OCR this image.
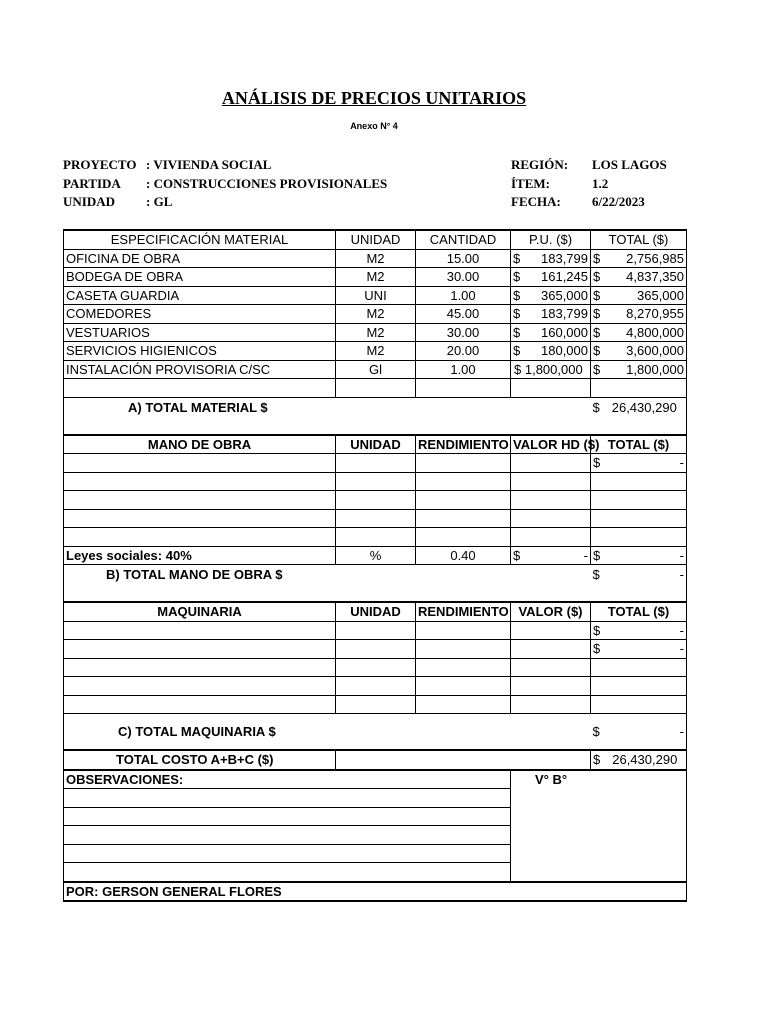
ANÁLISIS DE PRECIOS UNITARIOS
Anexo N° 4
PROYECTO : VIVIENDA SOCIAL
PARTIDA : CONSTRUCCIONES PROVISIONALES
UNIDAD : GL
REGIÓN: LOS LAGOS
ÍTEM:	1.2
FECHA: 6/22/2023
ESPECIFICACIÓN MATERIAL	UNIDAD	CANTIDAD	P.U. ($)	TOTAL ($)
OFICINA DE OBRA	M2	15.00	$ 183,799	$ 2,756,985

BODEGA DE OBRA	M2	30.00	$ 161,245	$ 4,837,350

CASETA GUARDIA	UNI	1.00	$ 365,000	$ 365,000

COMEDORES	M2	45.00	$ 183,799	$ 8,270,955

VESTUARIOS	M2	30.00	$ 160,000	$ 4,800,000

SERVICIOS HIGIENICOS	M2	20.00	$ 180,000	$ 3,600,000

INSTALACIÓN PROVISORIA C/SC	Gl	1.00	$ 1,800,000	$ 1,800,000

A) TOTAL MATERIAL $				$ 26,430,290

MANO DE OBRA	UNIDAD	RENDIMIENTO	VALOR HD ($)	TOTAL ($)

				$ -

Leyes sociales: 40%	%	0.40	$ -	$ -

B) TOTAL MANO DE OBRA $				$ -

MAQUINARIA	UNIDAD	RENDIMIENTO	VALOR ($)	TOTAL ($)

				$ -

				$ -

C) TOTAL MAQUINARIA $				$ -

TOTAL COSTO A+B+C ($)				$ 26,430,290

OBSERVACIONES:			V° B°	

POR: GERSON GENERAL FLORES				
